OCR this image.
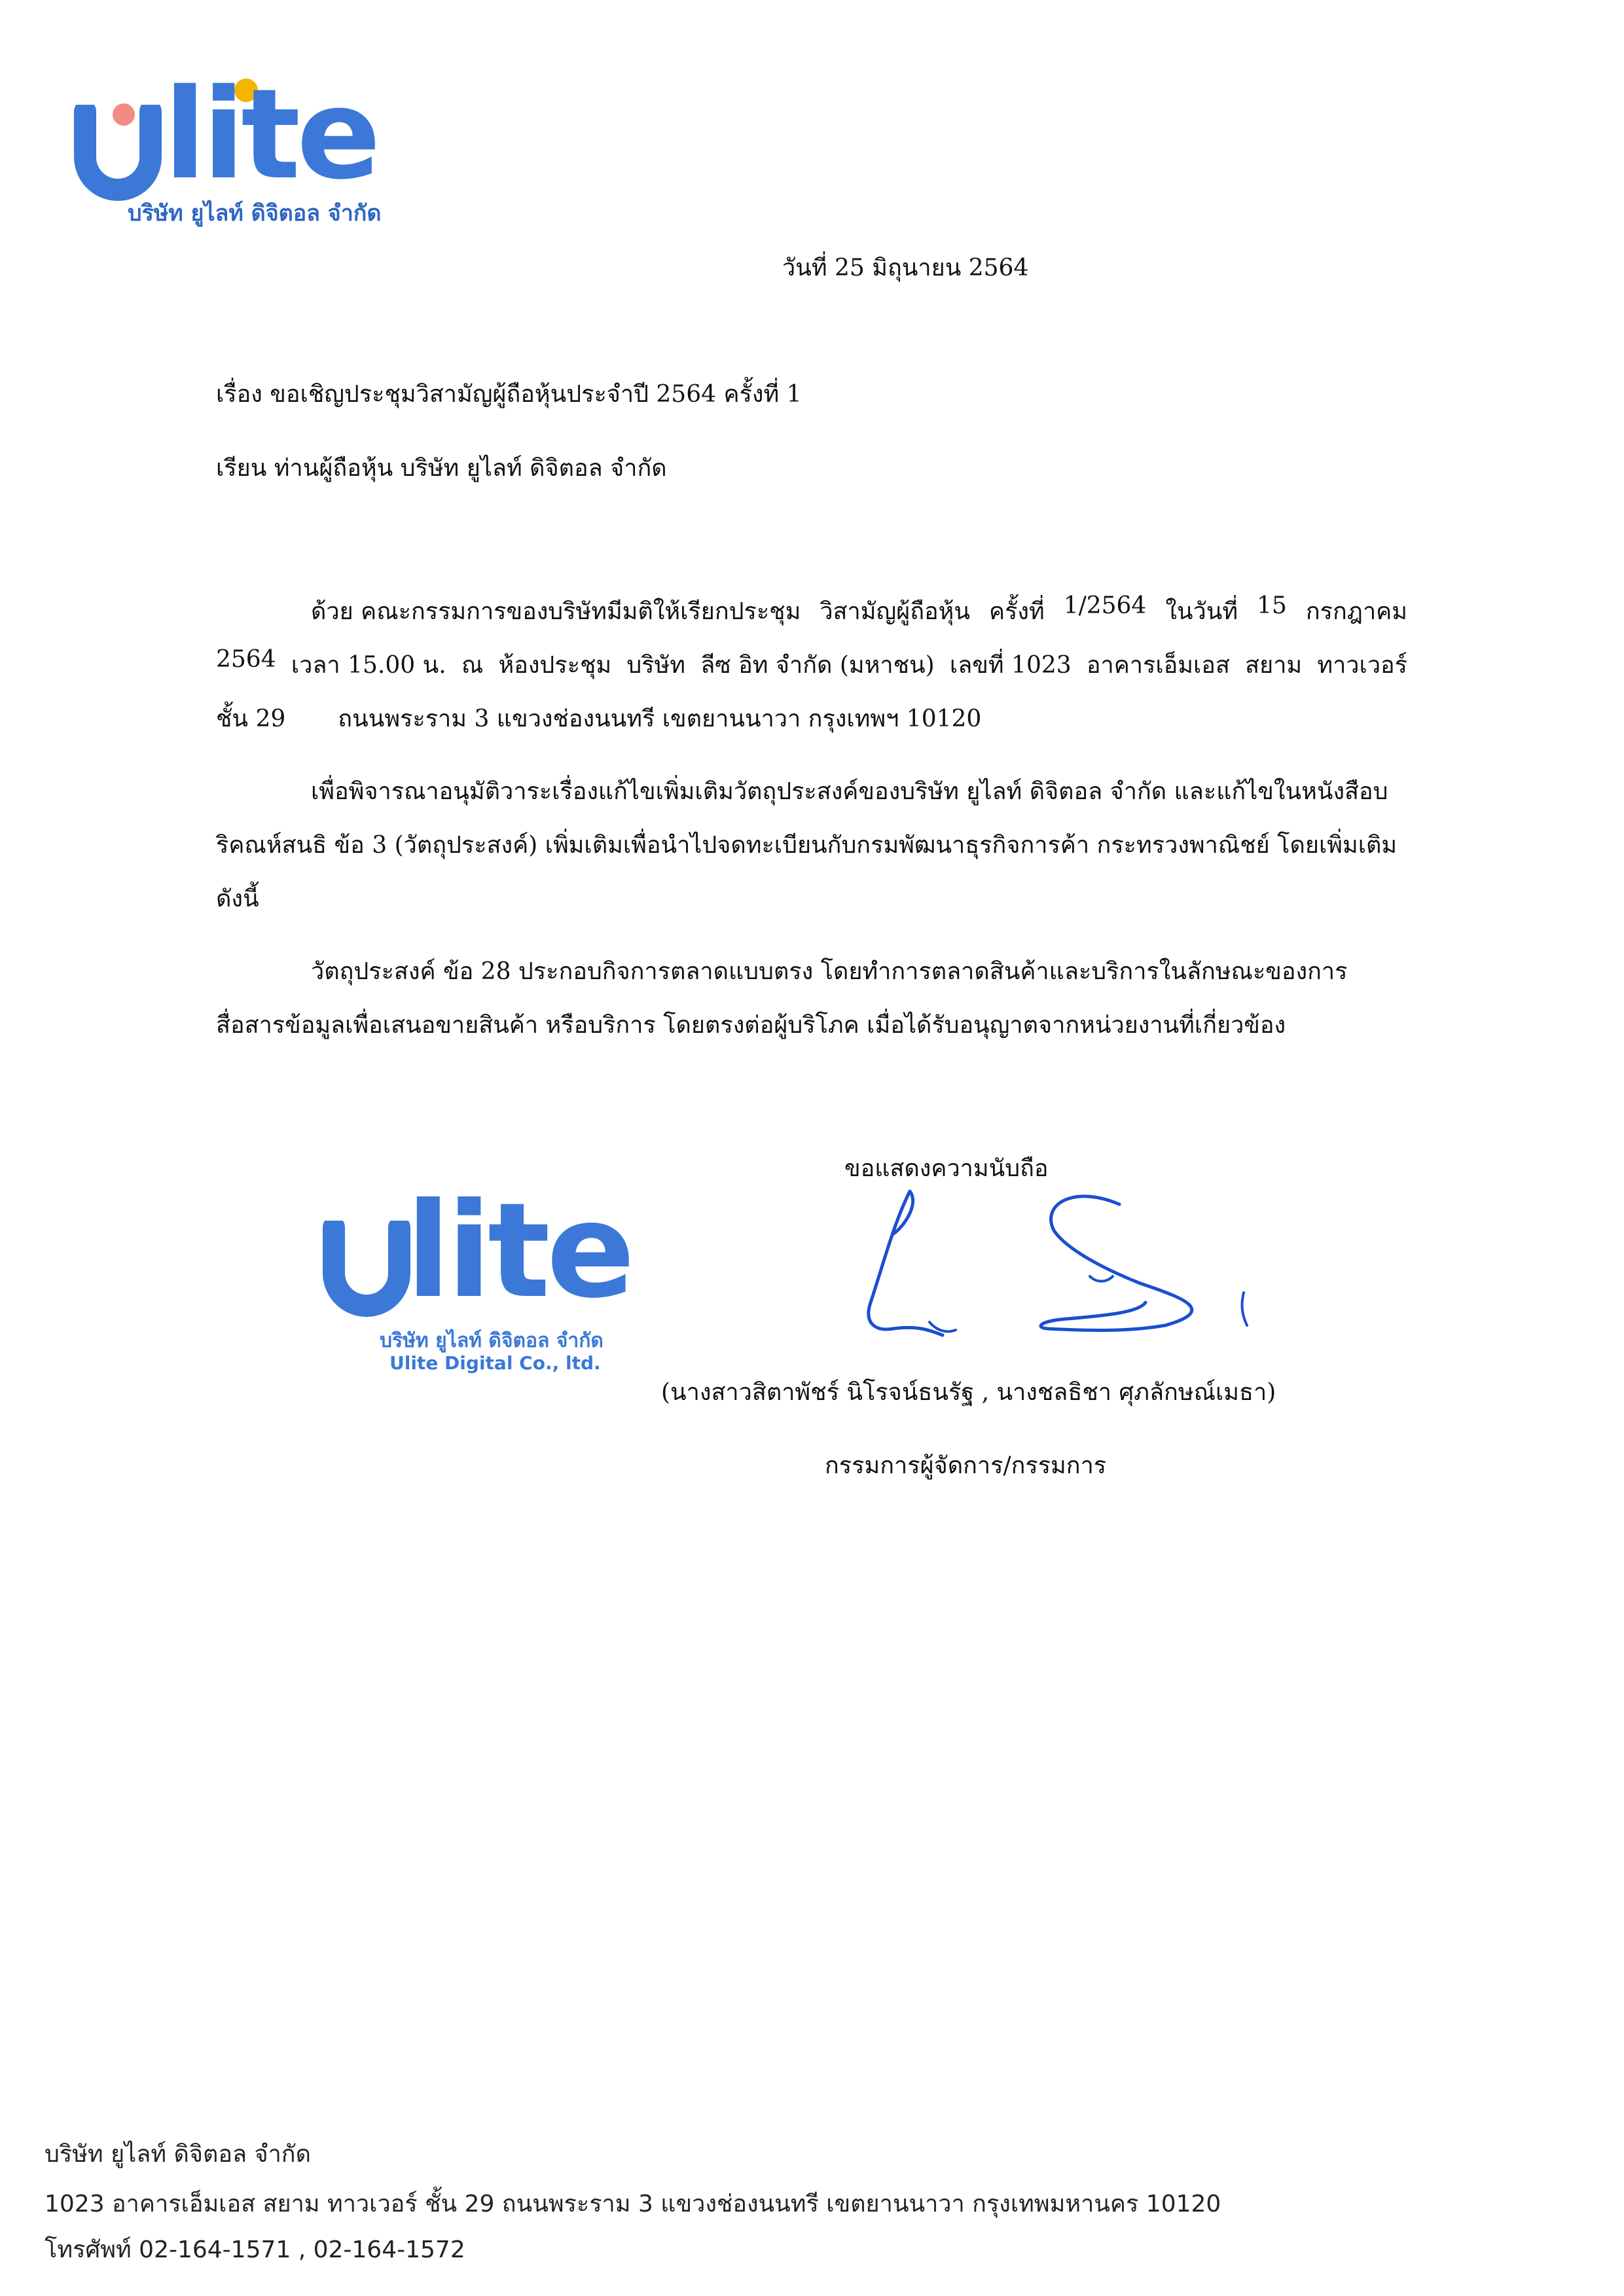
lite
บริษัท ยูไลท์ ดิจิตอล จำกัด
วันที่ 25 มิถุนายน 2564
เรื่อง ขอเชิญประชุมวิสามัญผู้ถือหุ้นประจำปี 2564 ครั้งที่ 1
เรียน ท่านผู้ถือหุ้น บริษัท ยูไลท์ ดิจิตอล จำกัด
ด้วย คณะกรรมการของบริษัทมีมติให้เรียกประชุม วิสามัญผู้ถือหุ้น ครั้งที่ 1/2564 ในวันที่ 15 กรกฎาคม
2564 เวลา 15.00 น. ณ ห้องประชุม บริษัท ลีซ อิท จำกัด (มหาชน) เลขที่ 1023 อาคารเอ็มเอส สยาม ทาวเวอร์
ชั้น 29 ถนนพระราม 3 แขวงช่องนนทรี เขตยานนาวา กรุงเทพฯ 10120
เพื่อพิจารณาอนุมัติวาระเรื่องแก้ไขเพิ่มเติมวัตถุประสงค์ของบริษัท ยูไลท์ ดิจิตอล จำกัด และแก้ไขในหนังสือบ
ริคณห์สนธิ ข้อ 3 (วัตถุประสงค์) เพิ่มเติมเพื่อนำไปจดทะเบียนกับกรมพัฒนาธุรกิจการค้า กระทรวงพาณิชย์ โดยเพิ่มเติม
ดังนี้
วัตถุประสงค์ ข้อ 28 ประกอบกิจการตลาดแบบตรง โดยทำการตลาดสินค้าและบริการในลักษณะของการ
สื่อสารข้อมูลเพื่อเสนอขายสินค้า หรือบริการ โดยตรงต่อผู้บริโภค เมื่อได้รับอนุญาตจากหน่วยงานที่เกี่ยวข้อง
ขอแสดงความนับถือ
lite
บริษัท ยูไลท์ ดิจิตอล จำกัด
Ulite Digital Co., ltd.
(นางสาวสิตาพัชร์ นิโรจน์ธนรัฐ , นางชลธิชา ศุภลักษณ์เมธา)
กรรมการผู้จัดการ/กรรมการ
บริษัท ยูไลท์ ดิจิตอล จำกัด
1023 อาคารเอ็มเอส สยาม ทาวเวอร์ ชั้น 29 ถนนพระราม 3 แขวงช่องนนทรี เขตยานนาวา กรุงเทพมหานคร 10120
โทรศัพท์ 02-164-1571 , 02-164-1572
